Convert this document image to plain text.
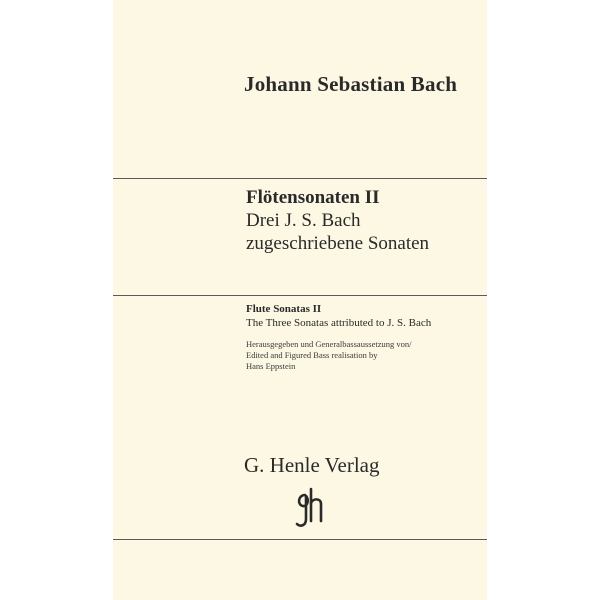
Johann Sebastian Bach
Flötensonaten II
Drei J. S. Bach zugeschriebene Sonaten
Flute Sonatas II
The Three Sonatas attributed to J. S. Bach
Herausgegeben und Generalbassaussetzung von/
Edited and Figured Bass realisation by
Hans Eppstein
G. Henle Verlag
